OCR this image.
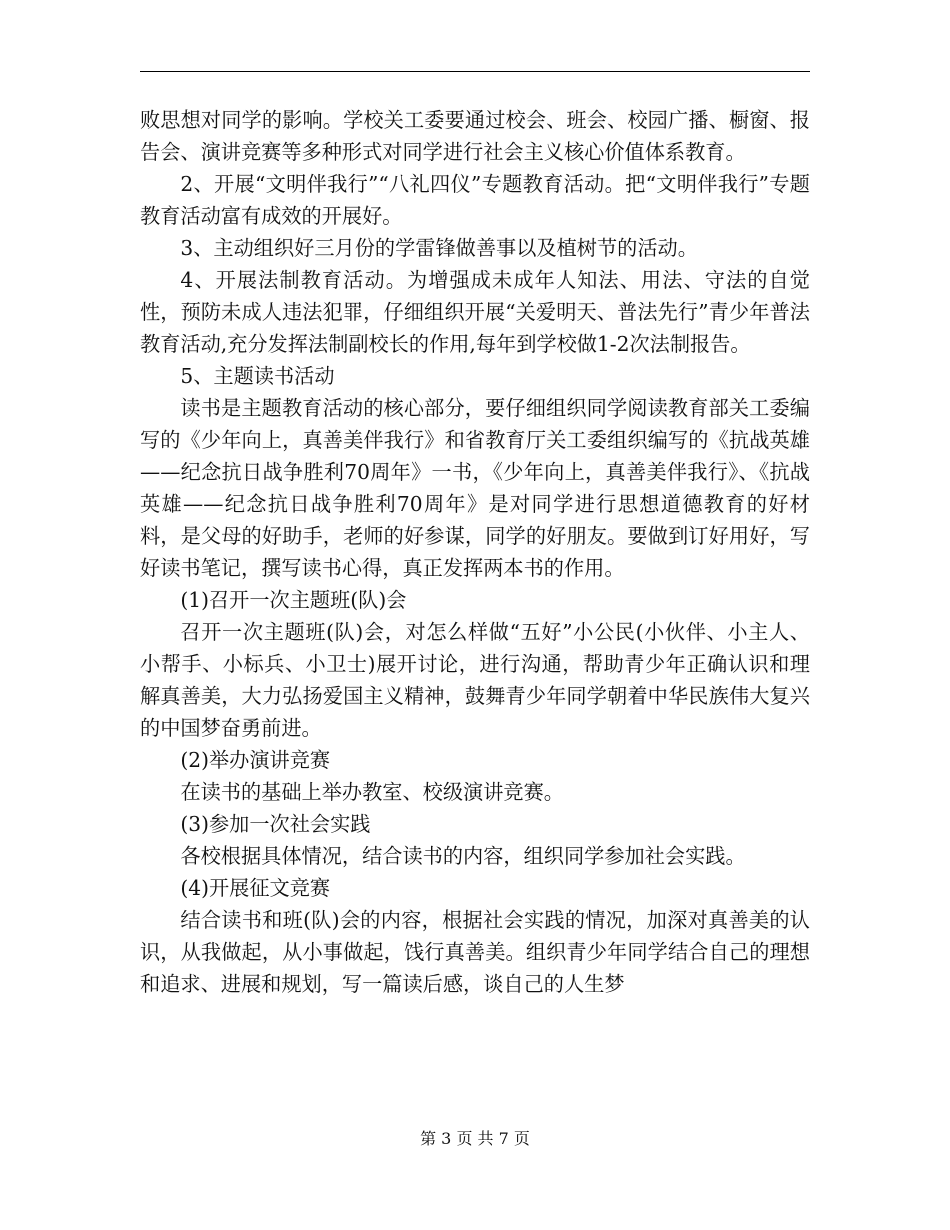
败思想对同学的影响。学校关工委要通过校会、班会、校园广播、橱窗、报告会、演讲竞赛等多种形式对同学进行社会主义核心价值体系教育。

2、开展“文明伴我行”“八礼四仪”专题教育活动。把“文明伴我行”专题教育活动富有成效的开展好。

3、主动组织好三月份的学雷锋做善事以及植树节的活动。

4、开展法制教育活动。为增强成未成年人知法、用法、守法的自觉性，预防未成人违法犯罪，仔细组织开展“关爱明天、普法先行”青少年普法教育活动,充分发挥法制副校长的作用,每年到学校做1-2次法制报告。

5、主题读书活动

读书是主题教育活动的核心部分，要仔细组织同学阅读教育部关工委编写的《少年向上，真善美伴我行》和省教育厅关工委组织编写的《抗战英雄——纪念抗日战争胜利70周年》一书，《少年向上，真善美伴我行》、《抗战英雄——纪念抗日战争胜利70周年》是对同学进行思想道德教育的好材料，是父母的好助手，老师的好参谋，同学的好朋友。要做到订好用好，写好读书笔记，撰写读书心得，真正发挥两本书的作用。

(1)召开一次主题班(队)会

召开一次主题班(队)会，对怎么样做“五好”小公民(小伙伴、小主人、小帮手、小标兵、小卫士)展开讨论，进行沟通，帮助青少年正确认识和理解真善美，大力弘扬爱国主义精神，鼓舞青少年同学朝着中华民族伟大复兴的中国梦奋勇前进。

(2)举办演讲竞赛

在读书的基础上举办教室、校级演讲竞赛。

(3)参加一次社会实践

各校根据具体情况，结合读书的内容，组织同学参加社会实践。

(4)开展征文竞赛

结合读书和班(队)会的内容，根据社会实践的情况，加深对真善美的认识，从我做起，从小事做起，饯行真善美。组织青少年同学结合自己的理想和追求、进展和规划，写一篇读后感，谈自己的人生梦

第 3 页 共 7 页
